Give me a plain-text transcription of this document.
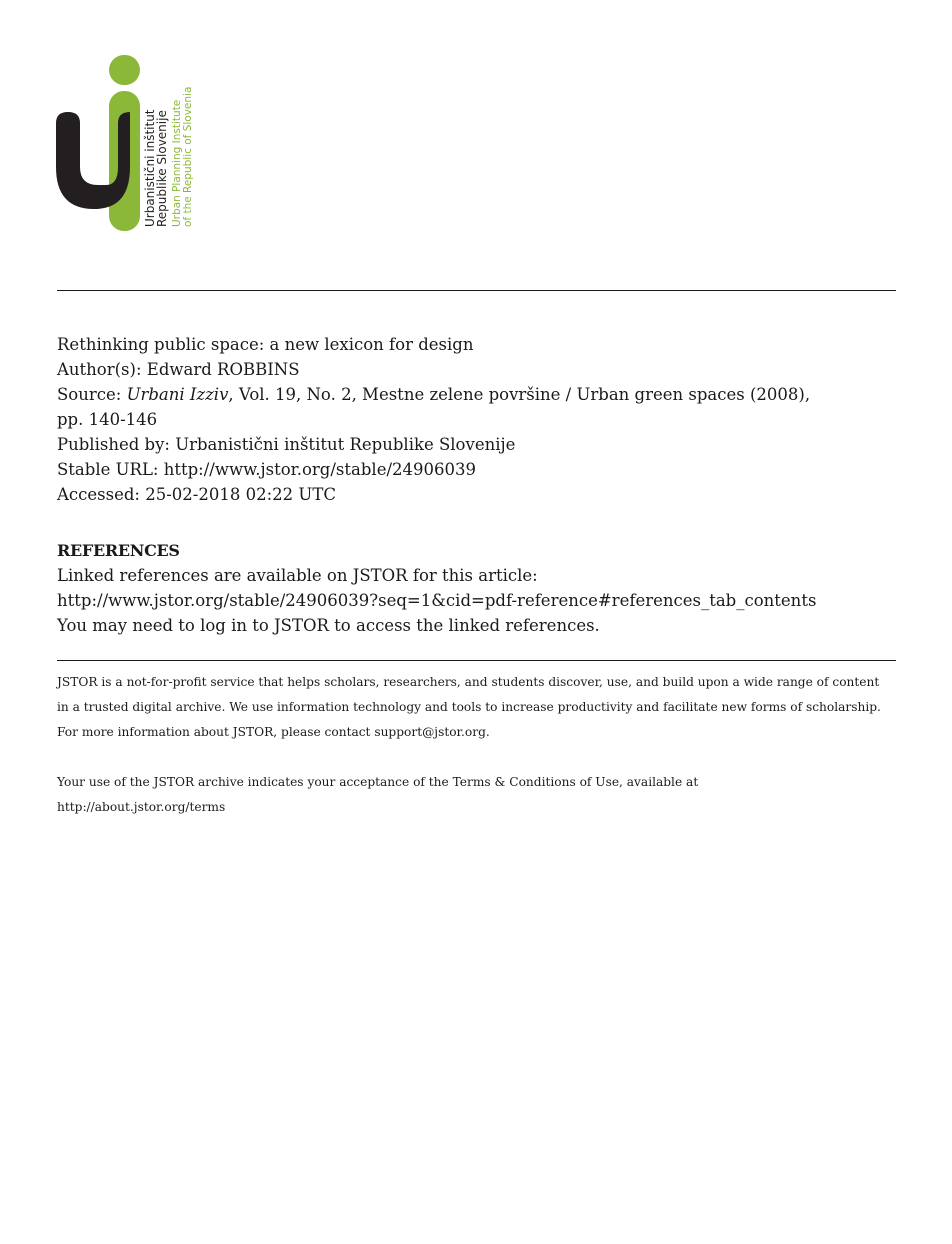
Urbanistični inštitut
Republike Slovenije Urban Planning Institute of the Republic of Slovenia
Rethinking public space: a new lexicon for design
Author(s): Edward ROBBINS
Source: Urbani Izziv, Vol. 19, No. 2, Mestne zelene površine / Urban green spaces (2008),
pp. 140-146
Published by: Urbanistični inštitut Republike Slovenije
Stable URL: http://www.jstor.org/stable/24906039
Accessed: 25-02-2018 02:22 UTC
REFERENCES
Linked references are available on JSTOR for this article:
http://www.jstor.org/stable/24906039?seq=1&cid=pdf-reference#references_tab_contents
You may need to log in to JSTOR to access the linked references.

JSTOR is a not-for-profit service that helps scholars, researchers, and students discover, use, and build upon a wide range of content in a trusted digital archive. We use information technology and tools to increase productivity and facilitate new forms of scholarship. For more information about JSTOR, please contact support@jstor.org.

Your use of the JSTOR archive indicates your acceptance of the Terms & Conditions of Use, available at
http://about.jstor.org/terms
